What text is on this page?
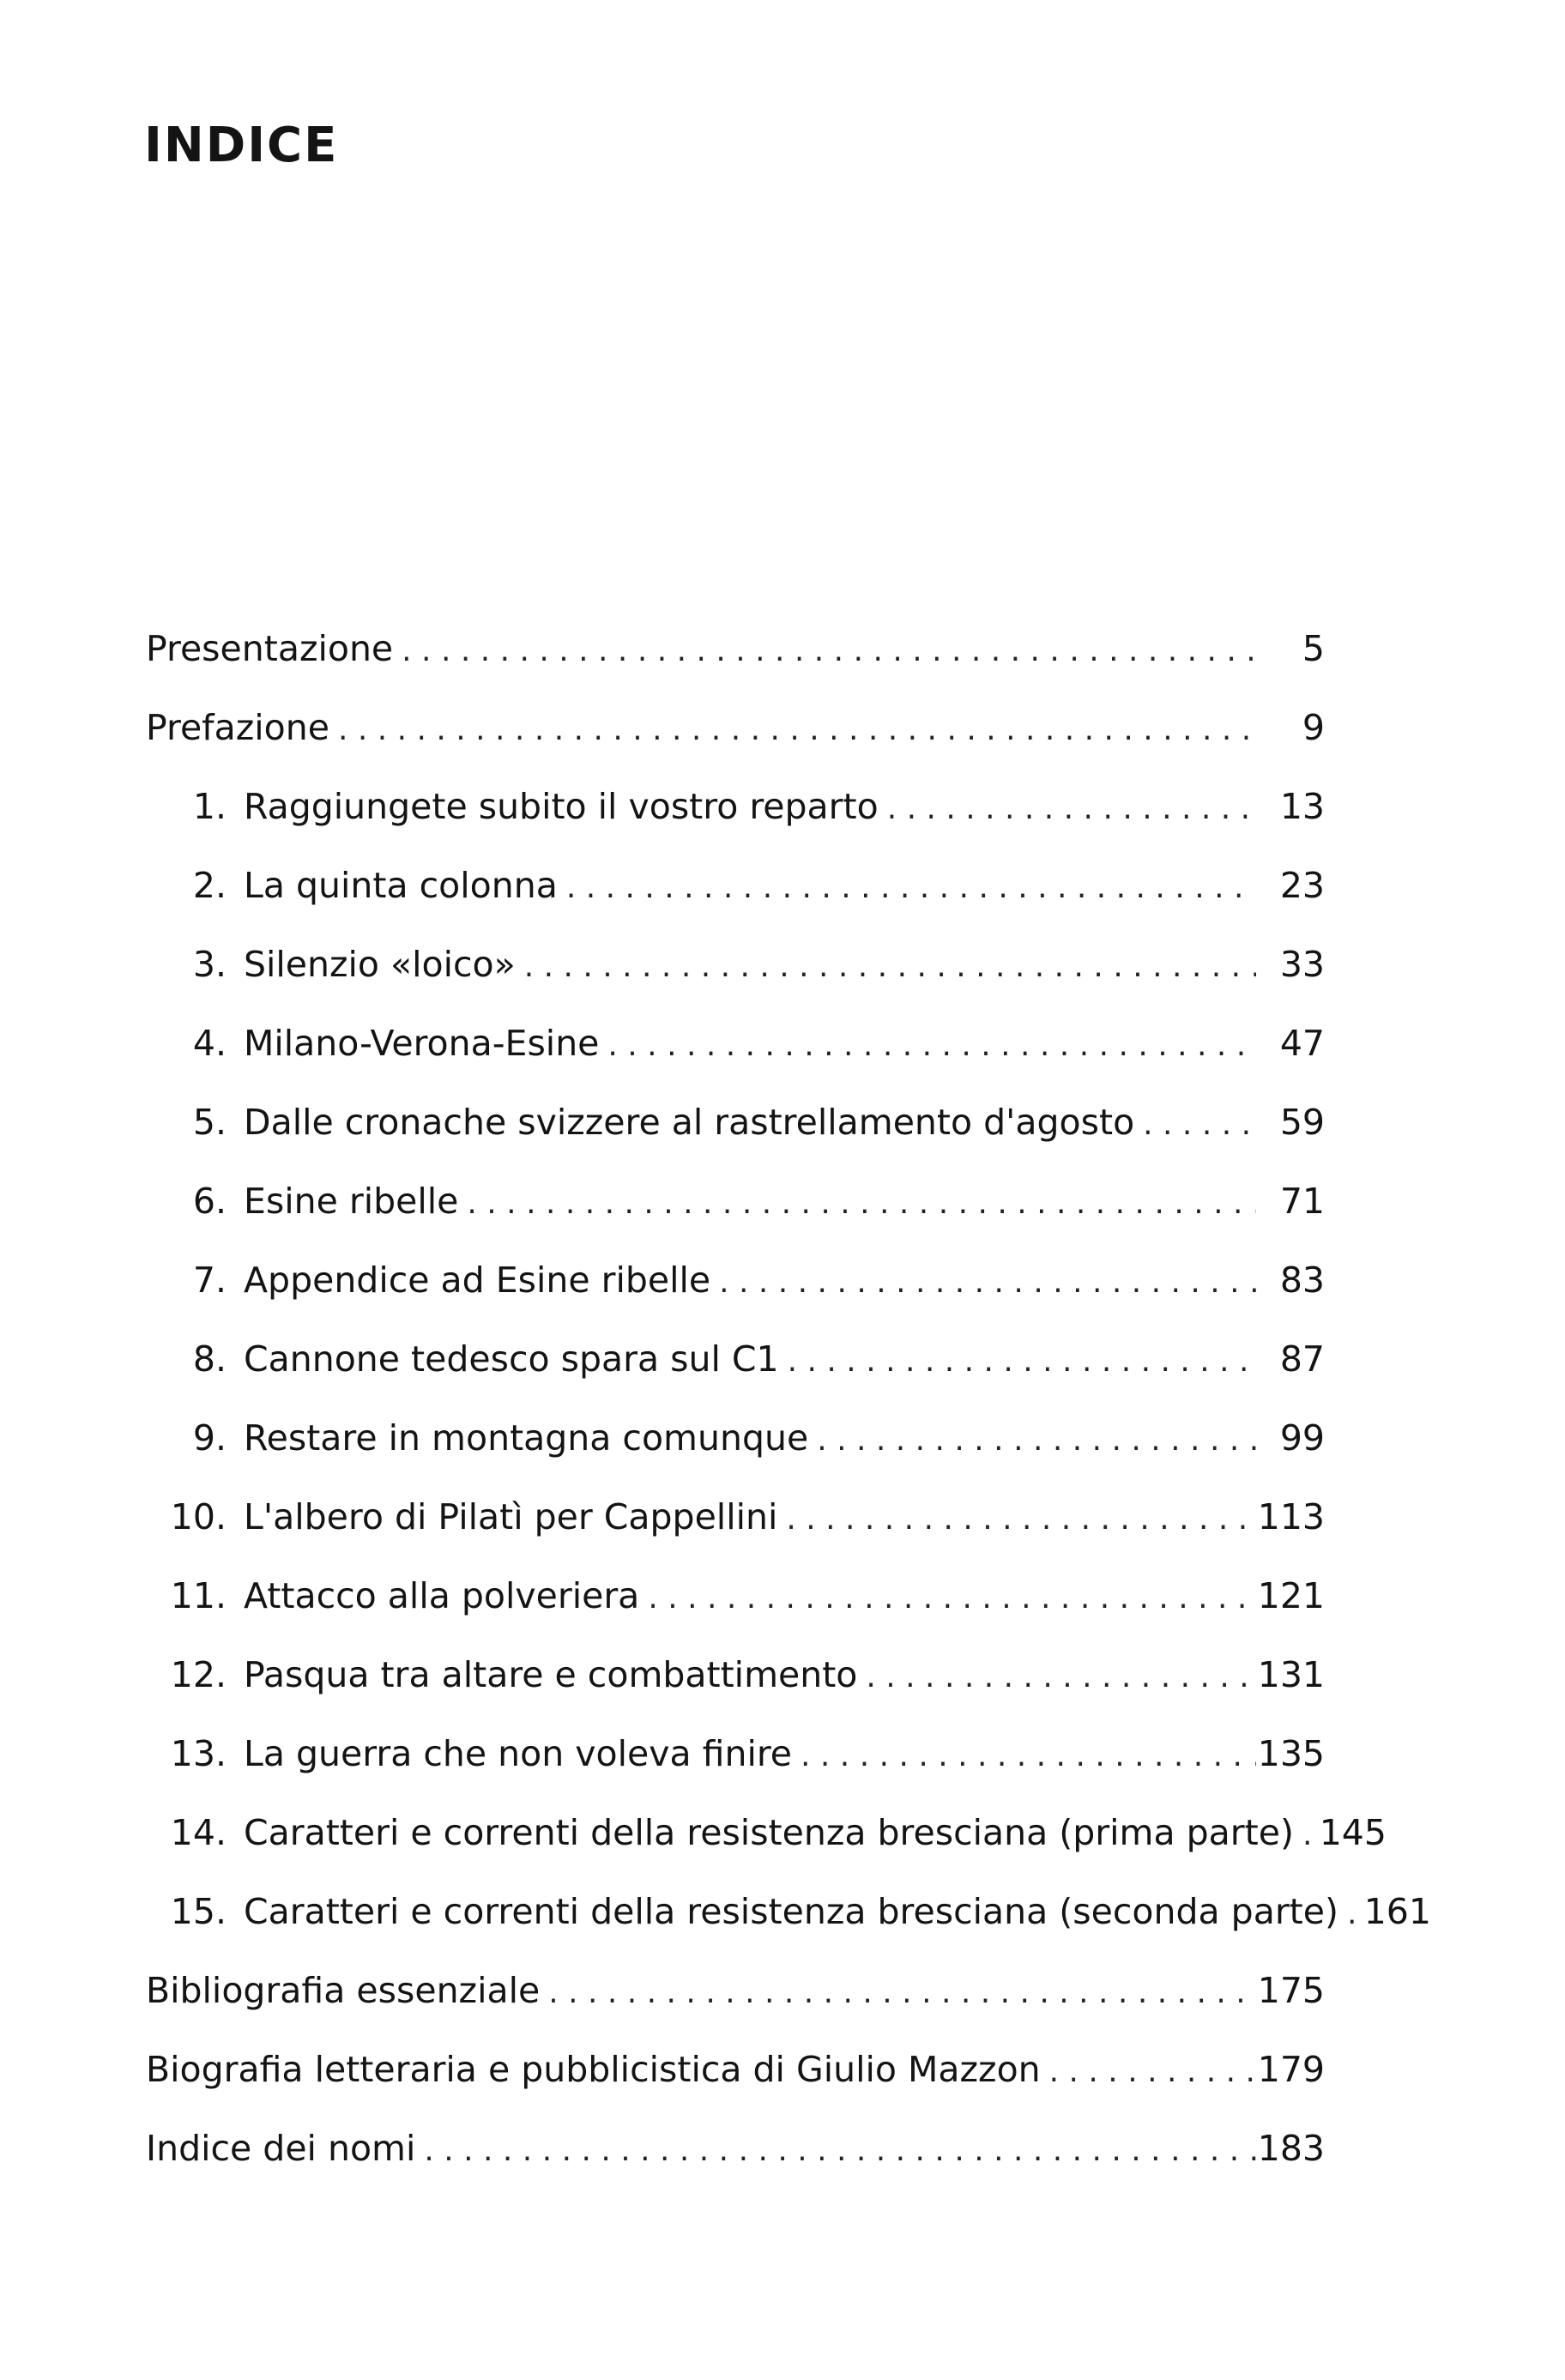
INDICE
Presentazione . . .	5
Prefazione . . .	9
1. Raggiungete subito il vostro reparto . . .	13
2. La quinta colonna . . .	23
3. Silenzio «loico» . . .	33
4. Milano-Verona-Esine . . .	47
5. Dalle cronache svizzere al rastrellamento d'agosto . . .	59
6. Esine ribelle . . .	71
7. Appendice ad Esine ribelle . . .	83
8. Cannone tedesco spara sul C1 . . .	87
9. Restare in montagna comunque . . .	99
10. L'albero di Pilatì per Cappellini . . .	113
11. Attacco alla polveriera . . .	121
12. Pasqua tra altare e combattimento . . .	131
13. La guerra che non voleva finire . . .	135
14. Caratteri e correnti della resistenza bresciana (prima parte) . . . 145
15. Caratteri e correnti della resistenza bresciana (seconda parte) . . . 161
Bibliografia essenziale . . .	175
Biografia letteraria e pubblicistica di Giulio Mazzon . . .	179
Indice dei nomi . . .	183
